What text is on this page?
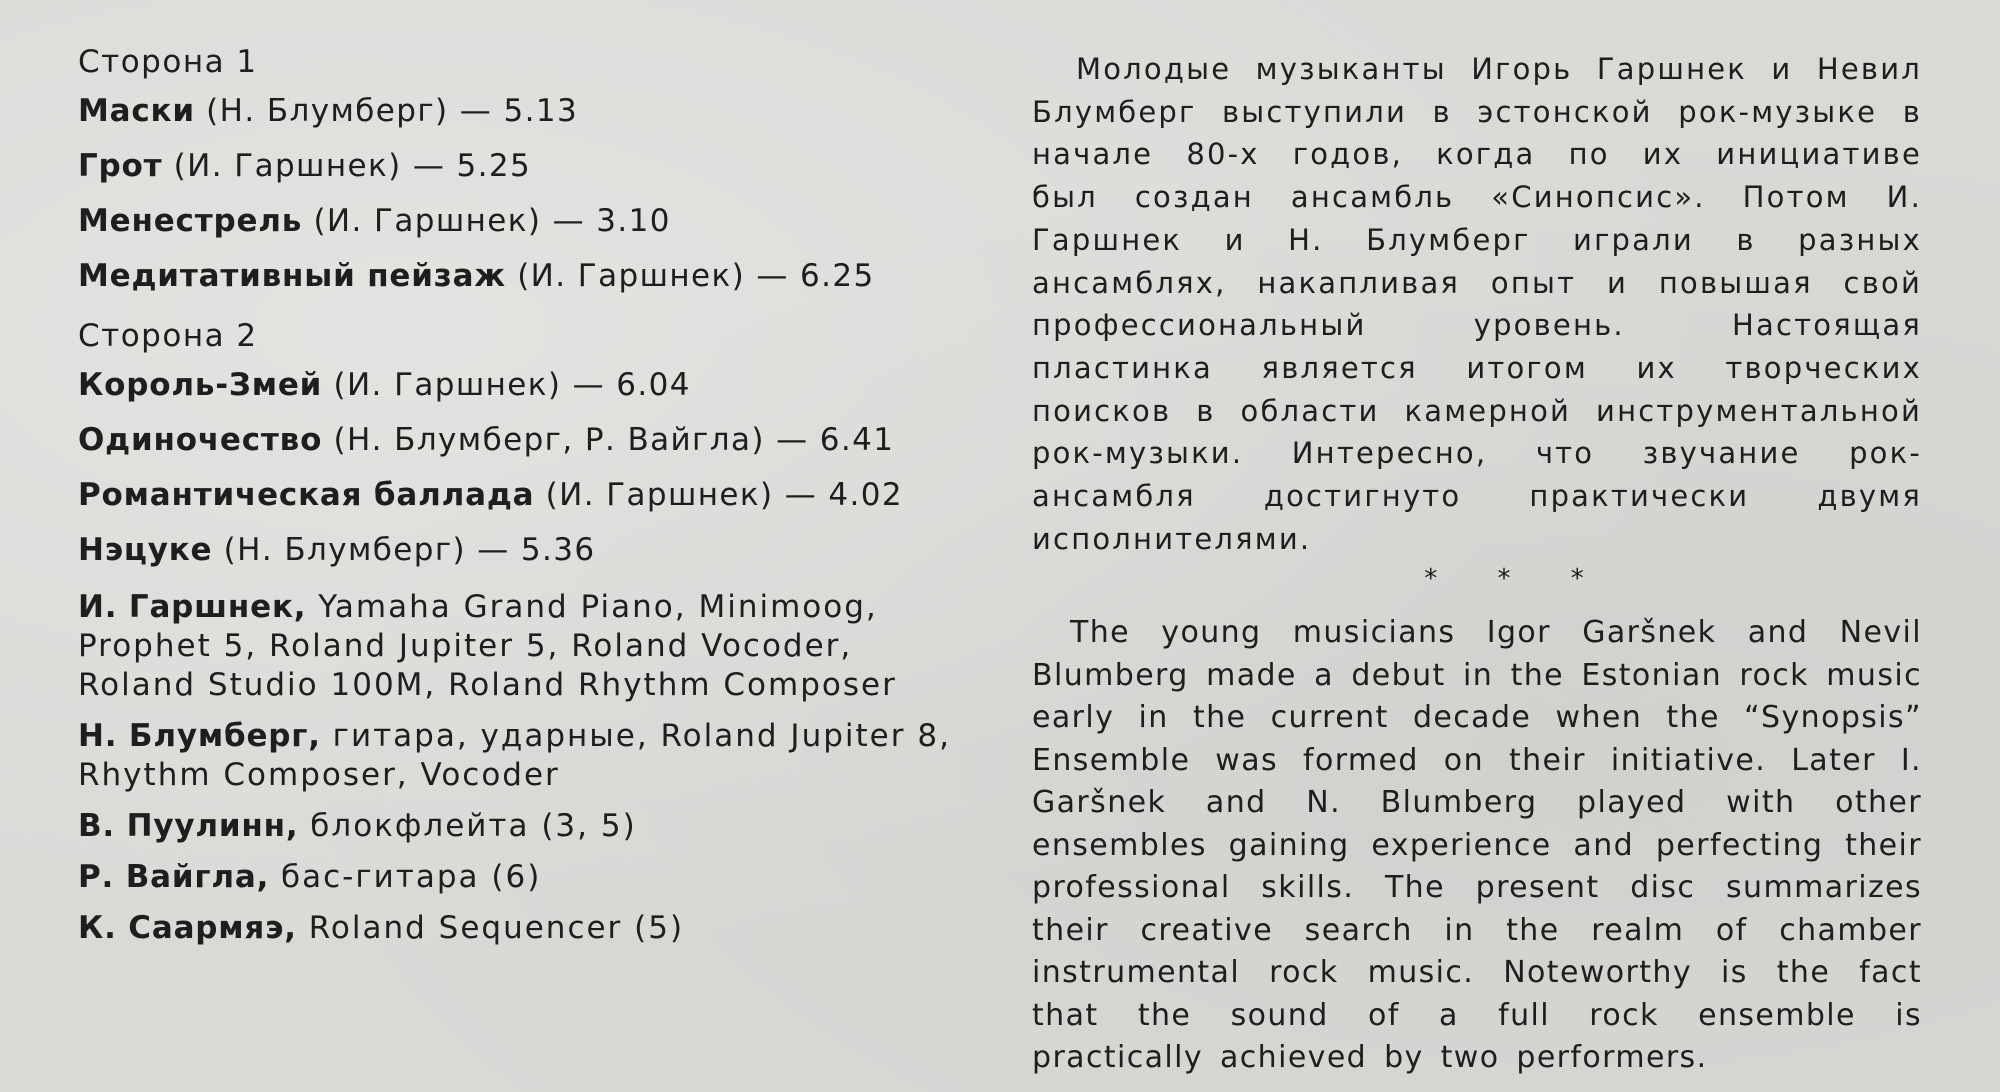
Сторона 1
Маски (Н. Блумберг) — 5.13
Грот (И. Гаршнек) — 5.25
Менестрель (И. Гаршнек) — 3.10
Медитативный пейзаж (И. Гаршнек) — 6.25
Сторона 2
Король-Змей (И. Гаршнек) — 6.04
Одиночество (Н. Блумберг, Р. Вайгла) — 6.41
Романтическая баллада (И. Гаршнек) — 4.02
Нэцуке (Н. Блумберг) — 5.36
И. Гаршнек, Yamaha Grand Piano, Minimoog, Prophet 5, Roland Jupiter 5, Roland Vocoder, Roland Studio 100M, Roland Rhythm Composer
Н. Блумберг, гитара, ударные, Roland Jupiter 8, Rhythm Composer, Vocoder
В. Пуулинн, блокфлейта (3, 5)
Р. Вайгла, бас-гитара (6)
К. Саармяэ, Roland Sequencer (5)

Молодые музыканты Игорь Гаршнек и Невил Блумберг выступили в эстонской рок-музыке в начале 80-х годов, когда по их инициативе был создан ансамбль «Синопсис». Потом И. Гаршнек и Н. Блумберг играли в разных ансамблях, накапливая опыт и повышая свой профессиональный уровень. Настоящая пластинка является итогом их творческих поисков в области камерной инструментальной рок-музыки. Интересно, что звучание рок-ансамбля достигнуто практически двумя исполнителями.

* * *

The young musicians Igor Garšnek and Nevil Blumberg made a debut in the Estonian rock music early in the current decade when the “Synopsis” Ensemble was formed on their initiative. Later I. Garšnek and N. Blumberg played with other ensembles gaining experience and perfecting their professional skills. The present disc summarizes their creative search in the realm of chamber instrumental rock music. Noteworthy is the fact that the sound of a full rock ensemble is practically achieved by two performers.
